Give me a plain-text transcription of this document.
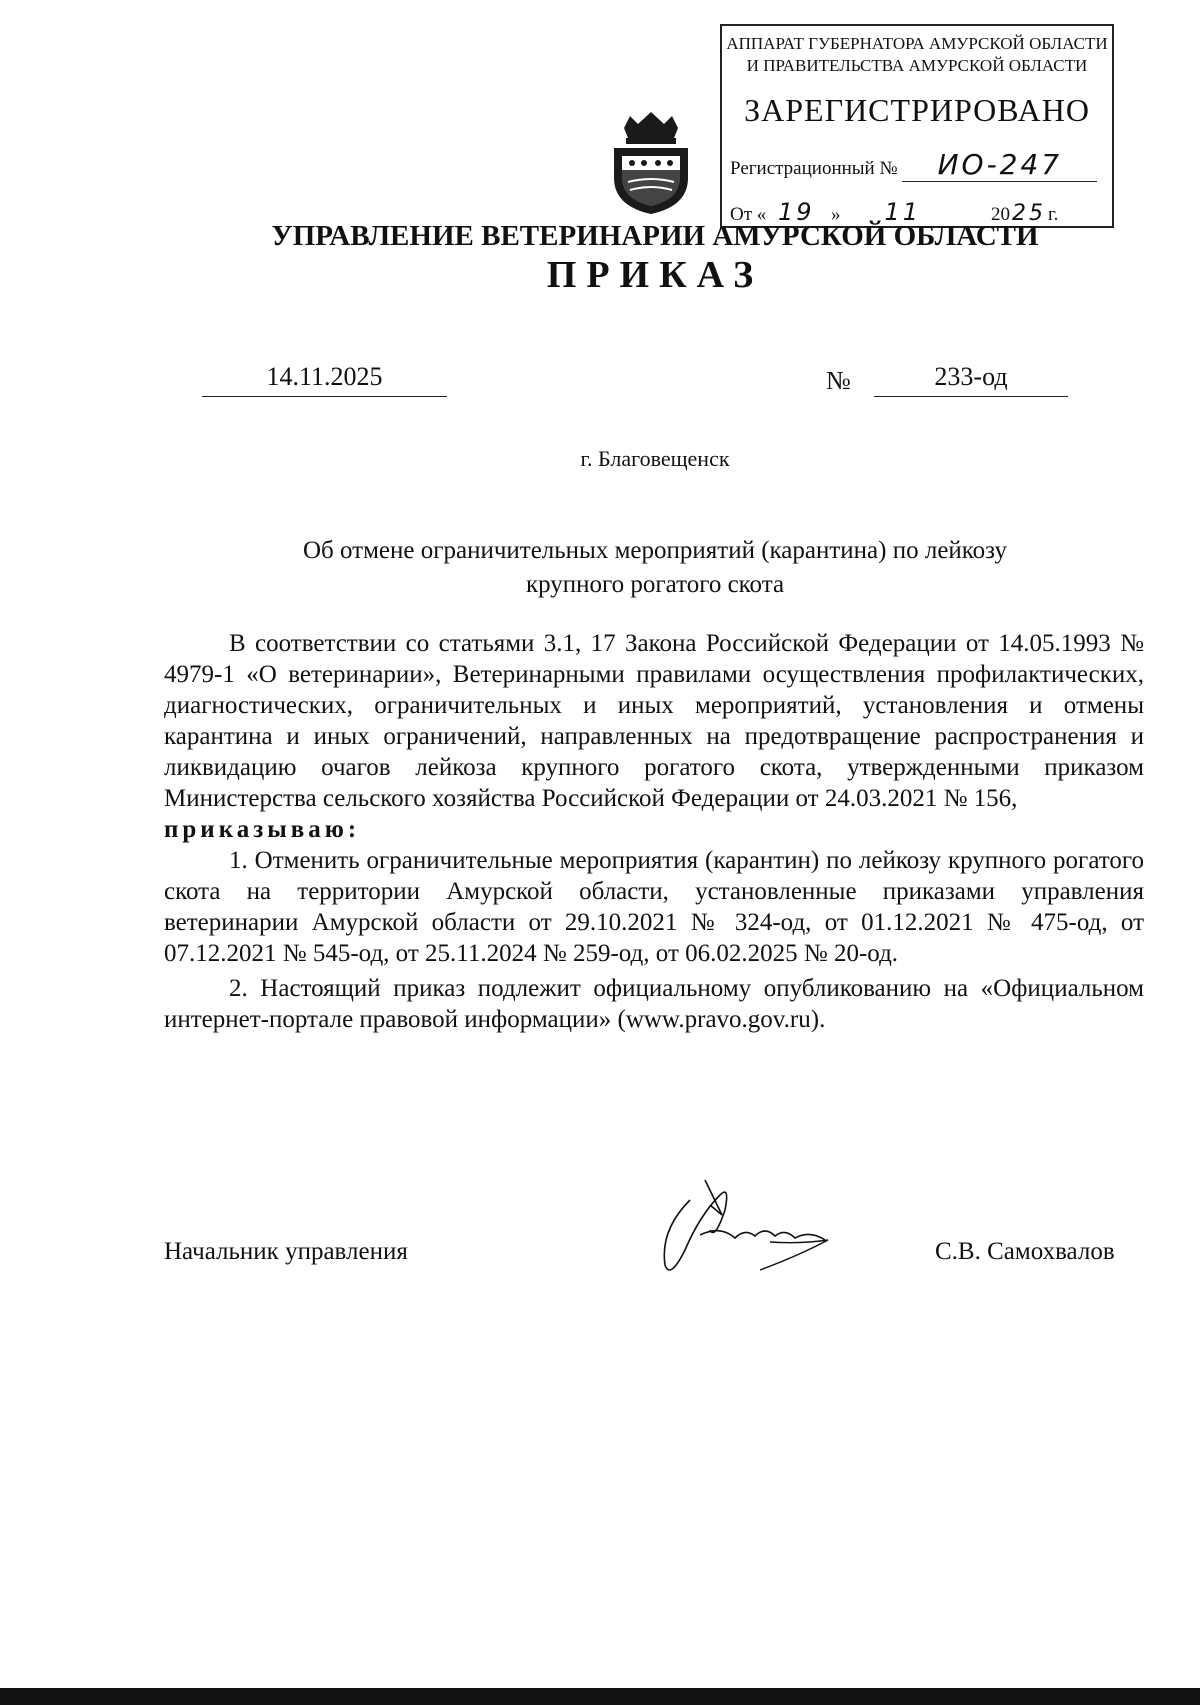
АППАРАТ ГУБЕРНАТОРА АМУРСКОЙ ОБЛАСТИ
И ПРАВИТЕЛЬСТВА АМУРСКОЙ ОБЛАСТИ
ЗАРЕГИСТРИРОВАНО
Регистрационный № ИО-247
От « 19 » 11	2025 г.
УПРАВЛЕНИЕ ВЕТЕРИНАРИИ АМУРСКОЙ ОБЛАСТИ
ПРИКАЗ
14.11.2025	№	233-од
г. Благовещенск
Об отмене ограничительных мероприятий (карантина) по лейкозу
крупного рогатого скота

В соответствии со статьями 3.1, 17 Закона Российской Федерации от 14.05.1993 № 4979-1 «О ветеринарии», Ветеринарными правилами осуществления профилактических, диагностических, ограничительных и иных мероприятий, установления и отмены карантина и иных ограничений, направленных на предотвращение распространения и ликвидацию очагов лейкоза крупного рогатого скота, утвержденными приказом Министерства сельского хозяйства Российской Федерации от 24.03.2021 № 156,

приказываю:

1. Отменить ограничительные мероприятия (карантин) по лейкозу крупного рогатого скота на территории Амурской области, установленные приказами управления ветеринарии Амурской области от 29.10.2021 № 324-од, от 01.12.2021 № 475-од, от 07.12.2021 № 545-од, от 25.11.2024 № 259-од, от 06.02.2025 № 20-од.

2. Настоящий приказ подлежит официальному опубликованию на «Официальном интернет-портале правовой информации» (www.pravo.gov.ru).

Начальник управления	С.В. Самохвалов
